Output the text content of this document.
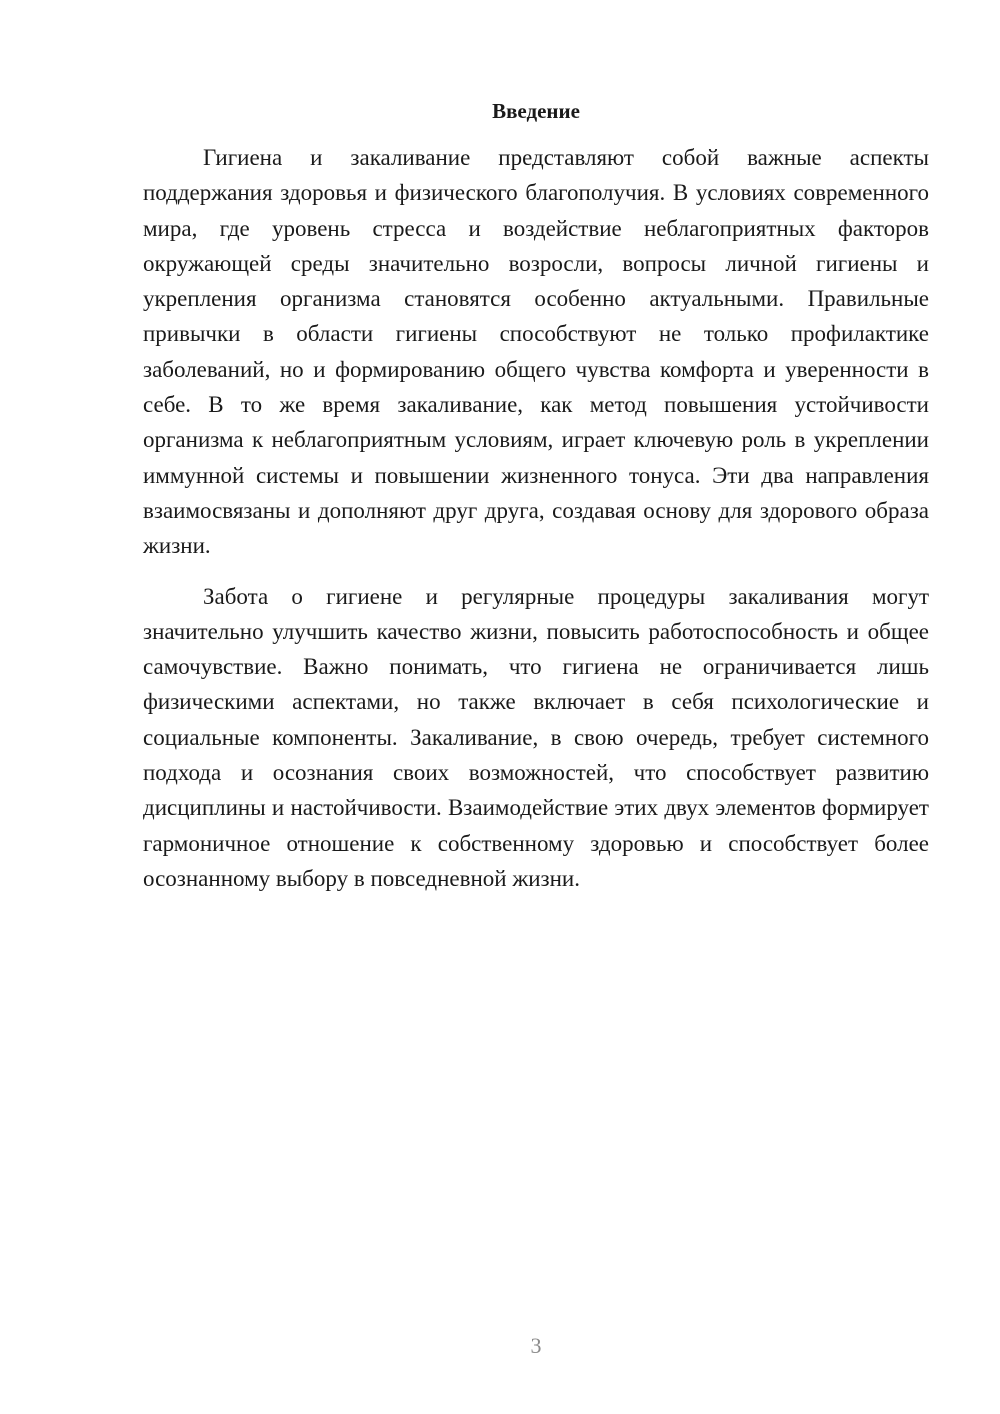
Введение

Гигиена и закаливание представляют собой важные аспекты поддержания здоровья и физического благополучия. В условиях современного мира, где уровень стресса и воздействие неблагоприятных факторов окружающей среды значительно возросли, вопросы личной гигиены и укрепления организма становятся особенно актуальными. Правильные привычки в области гигиены способствуют не только профилактике заболеваний, но и формированию общего чувства комфорта и уверенности в себе. В то же время закаливание, как метод повышения устойчивости организма к неблагоприятным условиям, играет ключевую роль в укреплении иммунной системы и повышении жизненного тонуса. Эти два направления взаимосвязаны и дополняют друг друга, создавая основу для здорового образа жизни.

Забота о гигиене и регулярные процедуры закаливания могут значительно улучшить качество жизни, повысить работоспособность и общее самочувствие. Важно понимать, что гигиена не ограничивается лишь физическими аспектами, но также включает в себя психологические и социальные компоненты. Закаливание, в свою очередь, требует системного подхода и осознания своих возможностей, что способствует развитию дисциплины и настойчивости. Взаимодействие этих двух элементов формирует гармоничное отношение к собственному здоровью и способствует более осознанному выбору в повседневной жизни.

3
